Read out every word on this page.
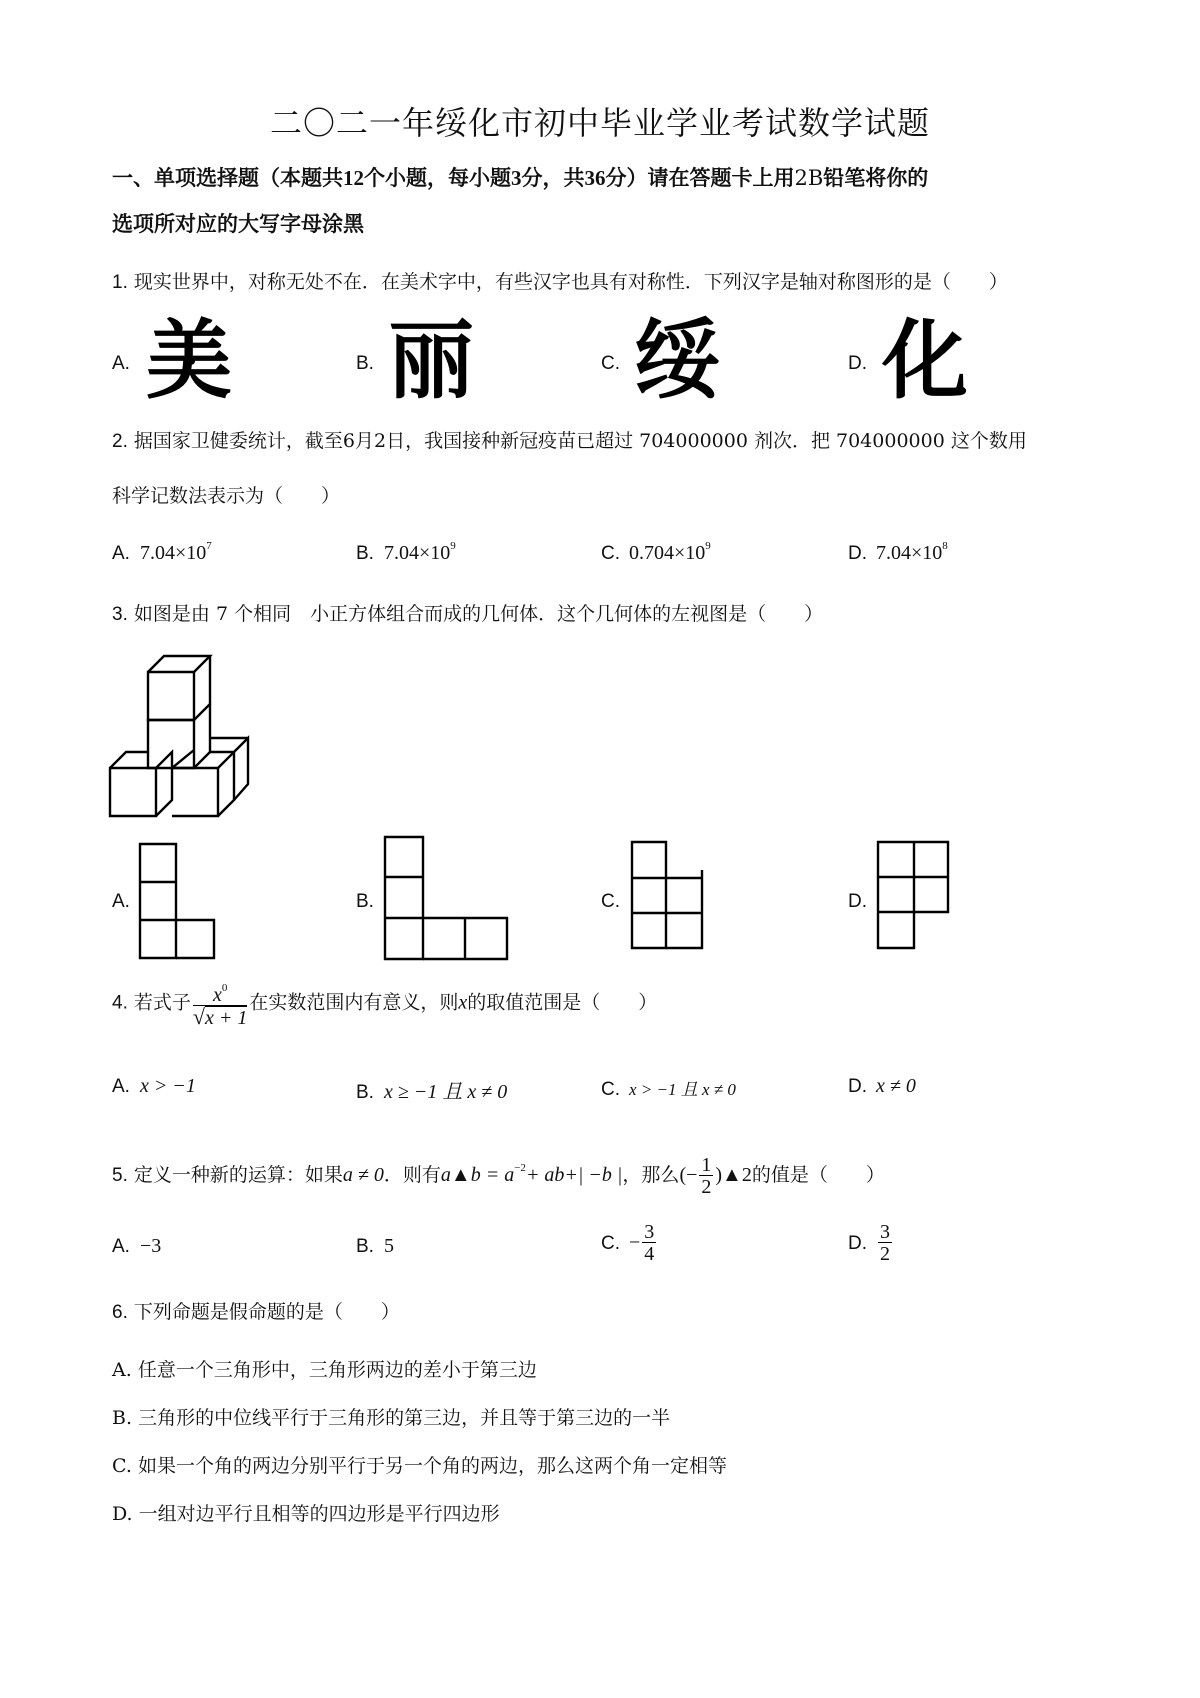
二〇二一年绥化市初中毕业学业考试数学试题
一、单项选择题（本题共12个小题，每小题3分，共36分）请在答题卡上用2B铅笔将你的
选项所对应的大写字母涂黑
1. 现实世界中，对称无处不在．在美术字中，有些汉字也具有对称性．下列汉字是轴对称图形的是（　　）
A. 美	B. 丽	C. 绥	D. 化
2. 据国家卫健委统计，截至6月2日，我国接种新冠疫苗已超过 704000000 剂次．把 704000000 这个数用
科学记数法表示为（　　）
A. $7.04\times 10^7$	B. $7.04\times 10^9$	C. $0.704\times 10^9$	D. $7.04\times 10^8$
3. 如图是由 7 个相同　小正方体组合而成的几何体．这个几何体的左视图是（　　）
A.	B.	C.	D.
4. 若式子 $\frac{x^0}{√x + 1}$ 在实数范围内有意义，则x的取值范围是（　　）
A. x > −1	B. x ≥ −1 且 x ≠ 0	C. x > −1 且 x ≠ 0	D. x ≠ 0
5. 定义一种新的运算：如果a ≠ 0．则有a▲b = $a^{-2}+ ab+| -b$ |，那么(− $\frac{1}{2}$ )▲2的值是（　　）
A. −3	B. 5	C. − $\frac{3}{4}$	D. $\frac{3}{2}$
6. 下列命题是假命题的是（　　）
A. 任意一个三角形中，三角形两边的差小于第三边
B. 三角形的中位线平行于三角形的第三边，并且等于第三边的一半
C. 如果一个角的两边分别平行于另一个角的两边，那么这两个角一定相等
D. 一组对边平行且相等的四边形是平行四边形
